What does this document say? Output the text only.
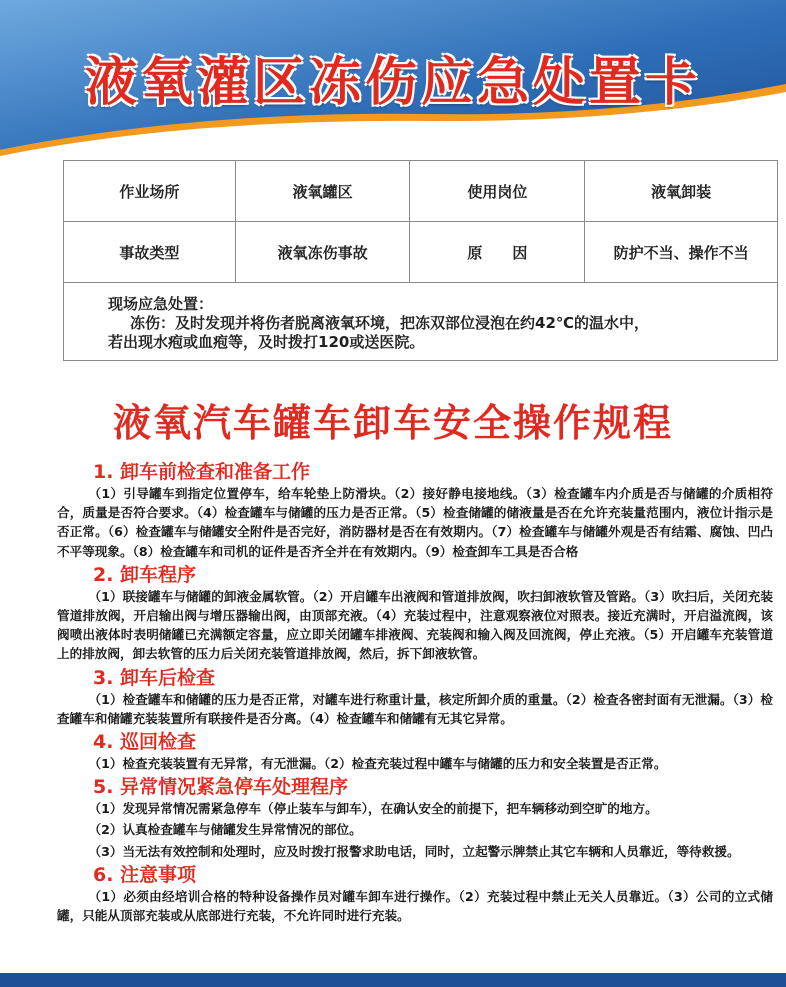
液氧灌区冻伤应急处置卡
作业场所	液氧罐区	使用岗位	液氧卸装
事故类型	液氧冻伤事故	原　　因	防护不当、操作不当

现场应急处置：
冻伤：及时发现并将伤者脱离液氧环境，把冻双部位浸泡在约42℃的温水中，
若出现水疱或血疱等，及时拨打120或送医院。			
液氧汽车罐车卸车安全操作规程
1. 卸车前检查和准备工作

（1）引导罐车到指定位置停车，给车轮垫上防滑块。（2）接好静电接地线。（3）检查罐车内介质是否与储罐的介质相符合，质量是否符合要求。（4）检查罐车与储罐的压力是否正常。（5）检查储罐的储液量是否在允许充装量范围内，液位计指示是否正常。（6）检查罐车与储罐安全附件是否完好，消防器材是否在有效期内。（7）检查罐车与储罐外观是否有结霜、腐蚀、凹凸不平等现象。（8）检查罐车和司机的证件是否齐全并在有效期内。（9）检查卸车工具是否合格

2. 卸车程序

（1）联接罐车与储罐的卸液金属软管。（2）开启罐车出液阀和管道排放阀，吹扫卸液软管及管路。（3）吹扫后，关闭充装管道排放阀，开启输出阀与增压器输出阀，由顶部充液。（4）充装过程中，注意观察液位对照表。接近充满时，开启溢流阀，该阀喷出液体时表明储罐已充满额定容量，应立即关闭罐车排液阀、充装阀和输入阀及回流阀，停止充液。（5）开启罐车充装管道上的排放阀，卸去软管的压力后关闭充装管道排放阀，然后，拆下卸液软管。

3. 卸车后检查

（1）检查罐车和储罐的压力是否正常，对罐车进行称重计量，核定所卸介质的重量。（2）检查各密封面有无泄漏。（3）检查罐车和储罐充装装置所有联接件是否分离。（4）检查罐车和储罐有无其它异常。

4. 巡回检查

（1）检查充装装置有无异常，有无泄漏。（2）检查充装过程中罐车与储罐的压力和安全装置是否正常。

5. 异常情况紧急停车处理程序

（1）发现异常情况需紧急停车（停止装车与卸车），在确认安全的前提下，把车辆移动到空旷的地方。

（2）认真检查罐车与储罐发生异常情况的部位。

（3）当无法有效控制和处理时，应及时拨打报警求助电话，同时，立起警示牌禁止其它车辆和人员靠近，等待救援。

6. 注意事项

（1）必须由经培训合格的特种设备操作员对罐车卸车进行操作。（2）充装过程中禁止无关人员靠近。（3）公司的立式储罐，只能从顶部充装或从底部进行充装，不允许同时进行充装。
